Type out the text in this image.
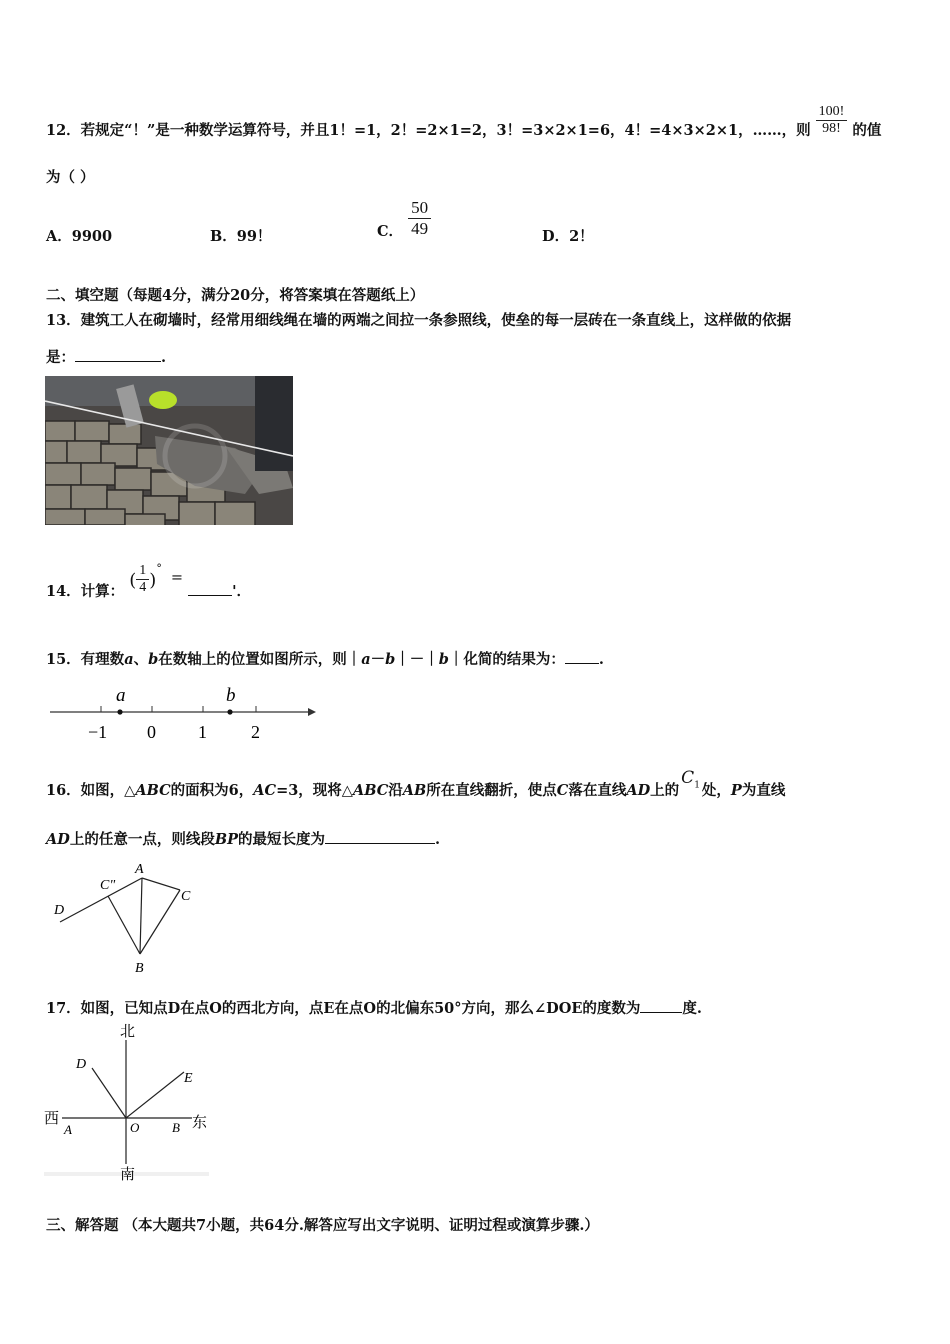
12．若规定“！”是一种数学运算符号，并且1！=1，2！=2×1=2，3！=3×2×1=6，4！=4×3×2×1，……，则 $\frac{100!}{98!}$ 的值
为（ ）
A．9900	B．99！	C． $\frac{50}{49}$	D．2！
二、填空题（每题4分，满分20分，将答案填在答题纸上）
13．建筑工人在砌墙时，经常用细线绳在墙的两端之间拉一条参照线，使垒的每一层砖在一条直线上，这样做的依据
是：	.
14．计算： ( $\frac{1}{4} )^\circ$ = '．
15．有理数a、b在数轴上的位置如图所示，则｜a－b｜－｜b｜化简的结果为： .
a	b
−1 0 1 2
16．如图，△ABC的面积为6，AC=3，现将△ABC沿AB所在直线翻折，使点C落在直线AD上的$C_1$ 处，P为直线
AD上的任意一点，则线段BP的最短长度为	.
D
C"
A
C
B
17．如图，已知点D在点O的西北方向，点E在点O的北偏东50°方向，那么∠DOE的度数为	度.
北
南
西	东
D
E
A	O	B
三、解答题 （本大题共7小题，共64分.解答应写出文字说明、证明过程或演算步骤.）
